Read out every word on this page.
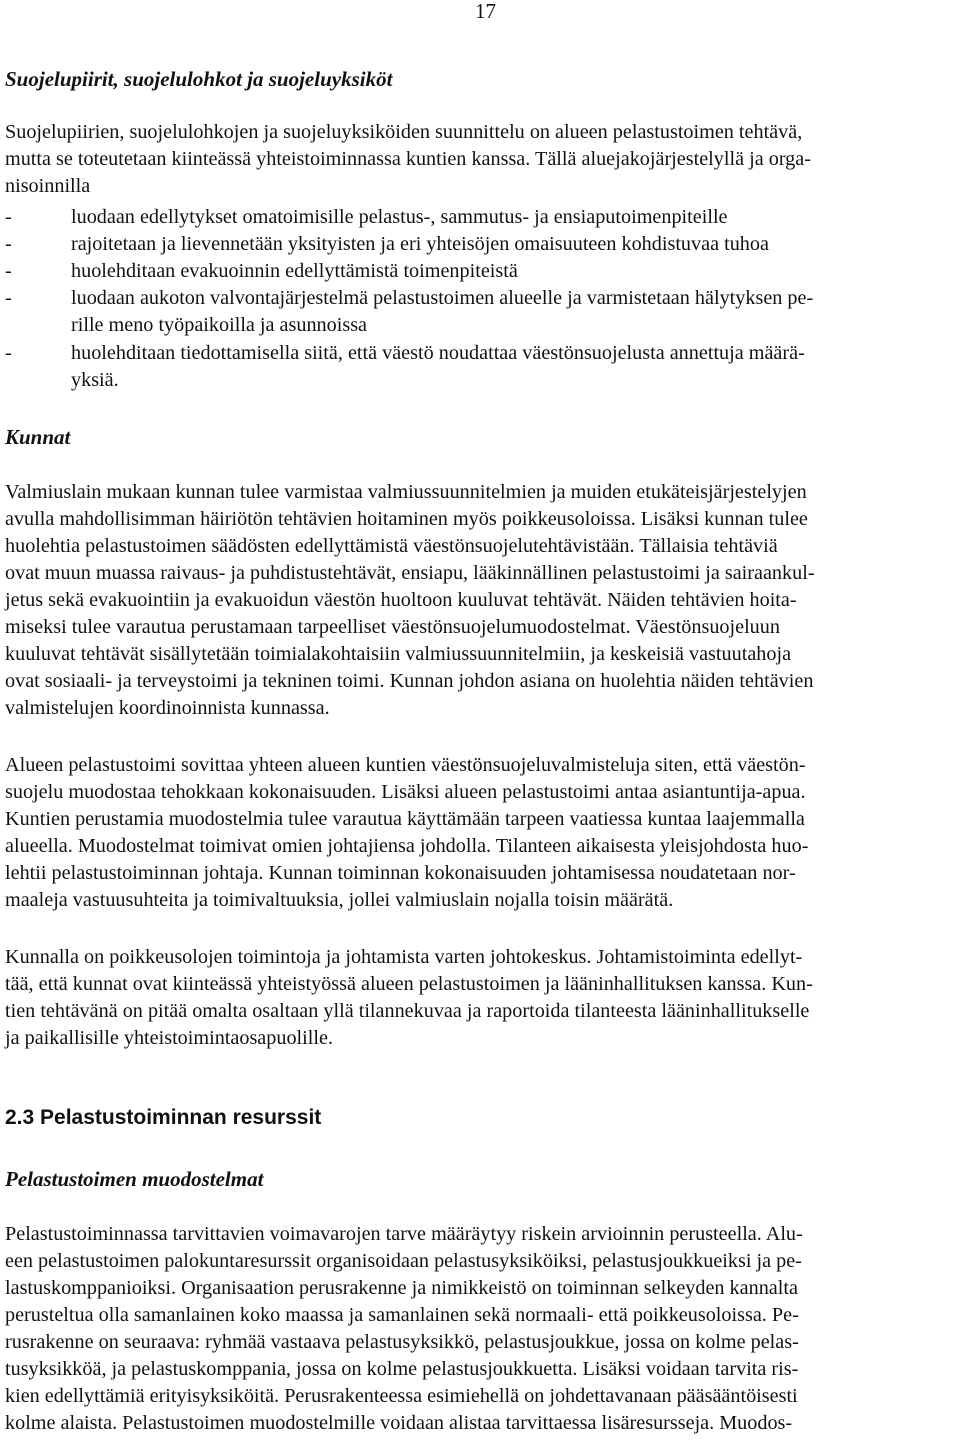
17
Suojelupiirit, suojelulohkot ja suojeluyksiköt
Suojelupiirien, suojelulohkojen ja suojeluyksiköiden suunnittelu on alueen pelastustoimen tehtävä,
mutta se toteutetaan kiinteässä yhteistoiminnassa kuntien kanssa. Tällä aluejakojärjestelyllä ja orga-
nisoinnilla
-	luodaan edellytykset omatoimisille pelastus-, sammutus- ja ensiaputoimenpiteille
-	rajoitetaan ja lievennetään yksityisten ja eri yhteisöjen omaisuuteen kohdistuvaa tuhoa
-	huolehditaan evakuoinnin edellyttämistä toimenpiteistä
-	luodaan aukoton valvontajärjestelmä pelastustoimen alueelle ja varmistetaan hälytyksen pe-
rille meno työpaikoilla ja asunnoissa
-	huolehditaan tiedottamisella siitä, että väestö noudattaa väestönsuojelusta annettuja määrä-
yksiä.
Kunnat
Valmiuslain mukaan kunnan tulee varmistaa valmiussuunnitelmien ja muiden etukäteisjärjestelyjen
avulla mahdollisimman häiriötön tehtävien hoitaminen myös poikkeusoloissa. Lisäksi kunnan tulee
huolehtia pelastustoimen säädösten edellyttämistä väestönsuojelutehtävistään. Tällaisia tehtäviä
ovat muun muassa raivaus- ja puhdistustehtävät, ensiapu, lääkinnällinen pelastustoimi ja sairaankul-
jetus sekä evakuointiin ja evakuoidun väestön huoltoon kuuluvat tehtävät. Näiden tehtävien hoita-
miseksi tulee varautua perustamaan tarpeelliset väestönsuojelumuodostelmat. Väestönsuojeluun
kuuluvat tehtävät sisällytetään toimialakohtaisiin valmiussuunnitelmiin, ja keskeisiä vastuutahoja
ovat sosiaali- ja terveystoimi ja tekninen toimi. Kunnan johdon asiana on huolehtia näiden tehtävien
valmistelujen koordinoinnista kunnassa.
Alueen pelastustoimi sovittaa yhteen alueen kuntien väestönsuojeluvalmisteluja siten, että väestön-
suojelu muodostaa tehokkaan kokonaisuuden. Lisäksi alueen pelastustoimi antaa asiantuntija-apua.
Kuntien perustamia muodostelmia tulee varautua käyttämään tarpeen vaatiessa kuntaa laajemmalla
alueella. Muodostelmat toimivat omien johtajiensa johdolla. Tilanteen aikaisesta yleisjohdosta huo-
lehtii pelastustoiminnan johtaja. Kunnan toiminnan kokonaisuuden johtamisessa noudatetaan nor-
maaleja vastuusuhteita ja toimivaltuuksia, jollei valmiuslain nojalla toisin määrätä.
Kunnalla on poikkeusolojen toimintoja ja johtamista varten johtokeskus. Johtamistoiminta edellyt-
tää, että kunnat ovat kiinteässä yhteistyössä alueen pelastustoimen ja lääninhallituksen kanssa. Kun-
tien tehtävänä on pitää omalta osaltaan yllä tilannekuvaa ja raportoida tilanteesta lääninhallitukselle
ja paikallisille yhteistoimintaosapuolille.
2.3 Pelastustoiminnan resurssit
Pelastustoimen muodostelmat
Pelastustoiminnassa tarvittavien voimavarojen tarve määräytyy riskein arvioinnin perusteella. Alu-
een pelastustoimen palokuntaresurssit organisoidaan pelastusyksiköiksi, pelastusjoukkueiksi ja pe-
lastuskomppanioiksi. Organisaation perusrakenne ja nimikkeistö on toiminnan selkeyden kannalta
perusteltua olla samanlainen koko maassa ja samanlainen sekä normaali- että poikkeusoloissa. Pe-
rusrakenne on seuraava: ryhmää vastaava pelastusyksikkö, pelastusjoukkue, jossa on kolme pelas-
tusyksikköä, ja pelastuskomppania, jossa on kolme pelastusjoukkuetta. Lisäksi voidaan tarvita ris-
kien edellyttämiä erityisyksiköitä. Perusrakenteessa esimiehellä on johdettavanaan pääsääntöisesti
kolme alaista. Pelastustoimen muodostelmille voidaan alistaa tarvittaessa lisäresursseja. Muodos-
